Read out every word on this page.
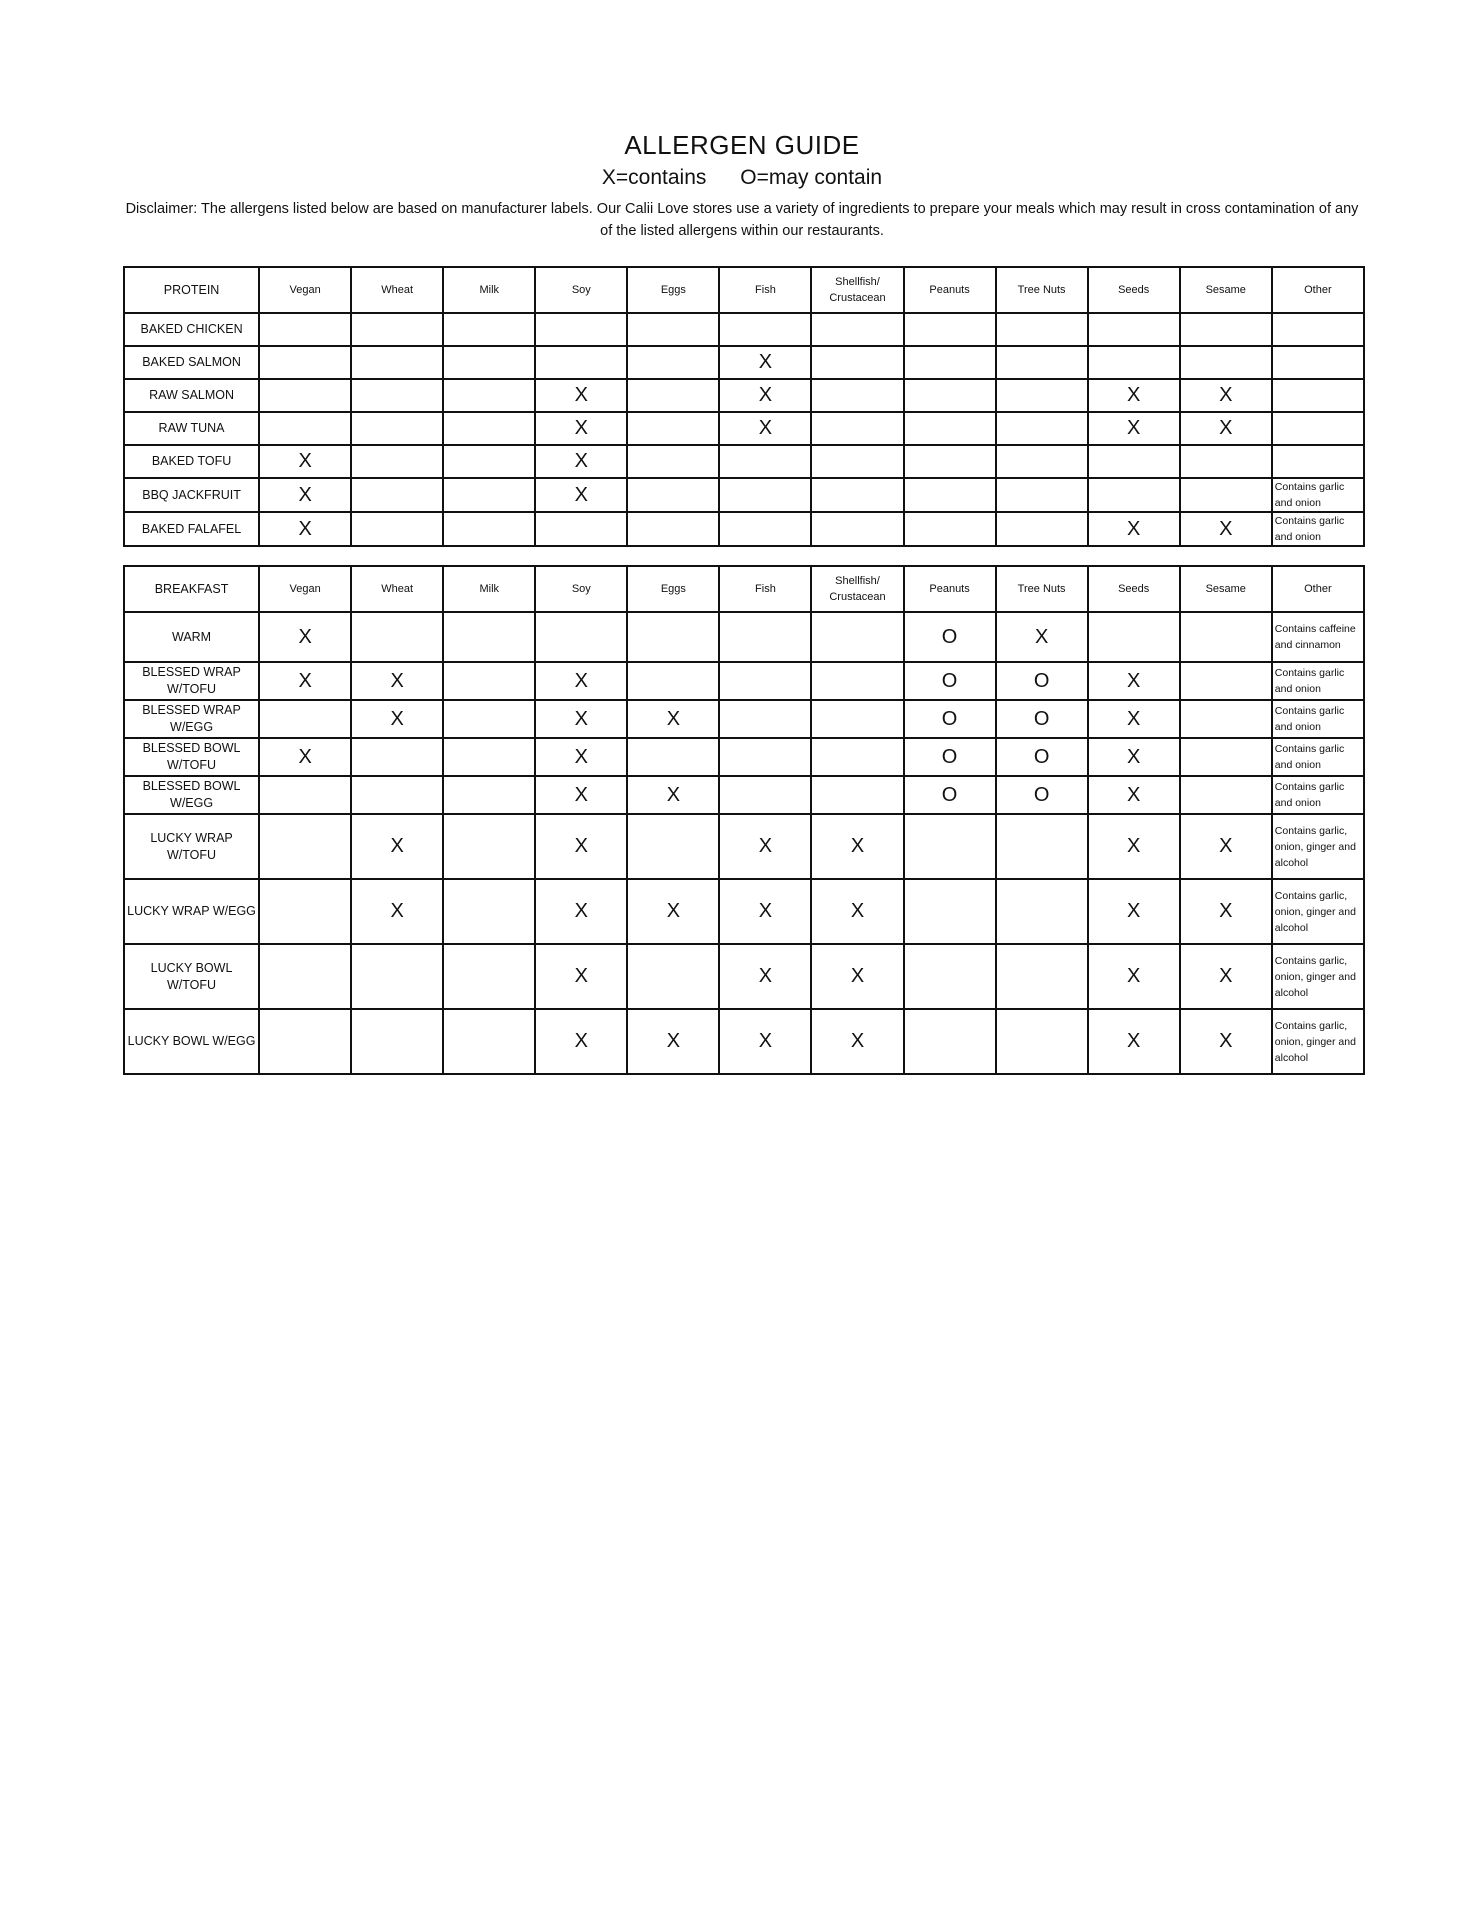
ALLERGEN GUIDE
X=contains O=may contain
Disclaimer: The allergens listed below are based on manufacturer labels. Our Calii Love stores use a variety of ingredients to prepare your meals which may result in cross contamination of any of the listed allergens within our restaurants.
PROTEIN	Vegan	Wheat	Milk	Soy	Eggs	Fish	Shellfish/ Crustacean	Peanuts	Tree Nuts	Seeds	Sesame	Other
BAKED CHICKEN												
BAKED SALMON						X						
RAW SALMON				X		X				X	X	
RAW TUNA				X		X				X	X	
BAKED TOFU	X			X								
BBQ JACKFRUIT	X			X								Contains garlic and onion
BAKED FALAFEL	X									X	X	Contains garlic and onion
BREAKFAST	Vegan	Wheat	Milk	Soy	Eggs	Fish	Shellfish/ Crustacean	Peanuts	Tree Nuts	Seeds	Sesame	Other
WARM	X							O	X			Contains caffeine and cinnamon
BLESSED WRAP W/TOFU	X	X		X				O	O	X		Contains garlic and onion
BLESSED WRAP W/EGG		X		X	X			O	O	X		Contains garlic and onion
BLESSED BOWL W/TOFU	X			X				O	O	X		Contains garlic and onion
BLESSED BOWL W/EGG				X	X			O	O	X		Contains garlic and onion
LUCKY WRAP W/TOFU		X		X		X	X			X	X	Contains garlic, onion, ginger and alcohol
LUCKY WRAP W/EGG		X		X	X	X	X			X	X	Contains garlic, onion, ginger and alcohol
LUCKY BOWL W/TOFU				X		X	X			X	X	Contains garlic, onion, ginger and alcohol
LUCKY BOWL W/EGG				X	X	X	X			X	X	Contains garlic, onion, ginger and alcohol
